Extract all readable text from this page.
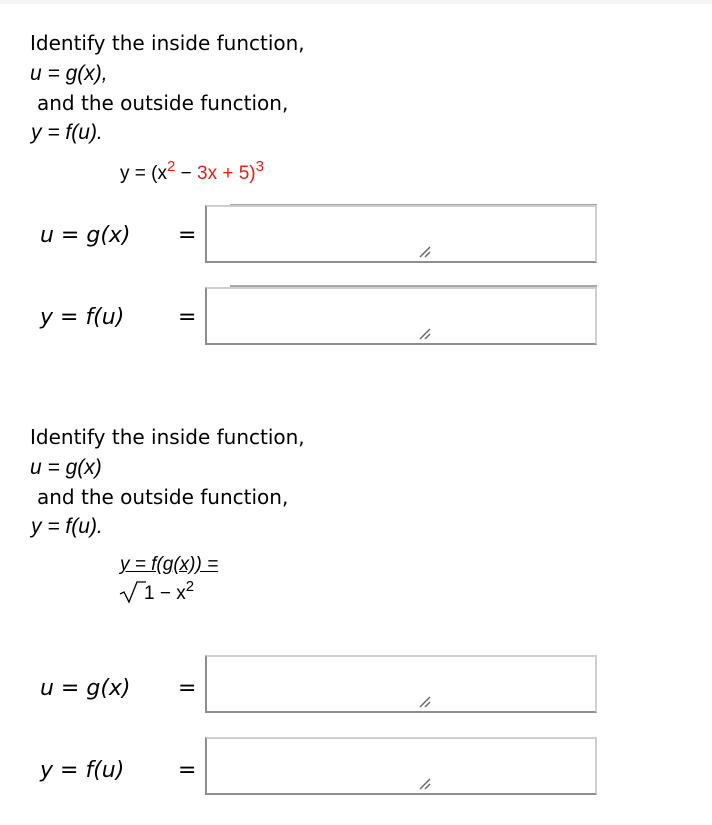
Identify the inside function,
u = g(x),
and the outside function,
y = f(u).
$y = (x^2 - 3x + 5)^3$
u = g(x) =
y = f(u) =
Identify the inside function,
u = g(x)
and the outside function,
y = f(u).
y = f(g(x)) =
$1 - x^2$
u = g(x) =
y = f(u) =
